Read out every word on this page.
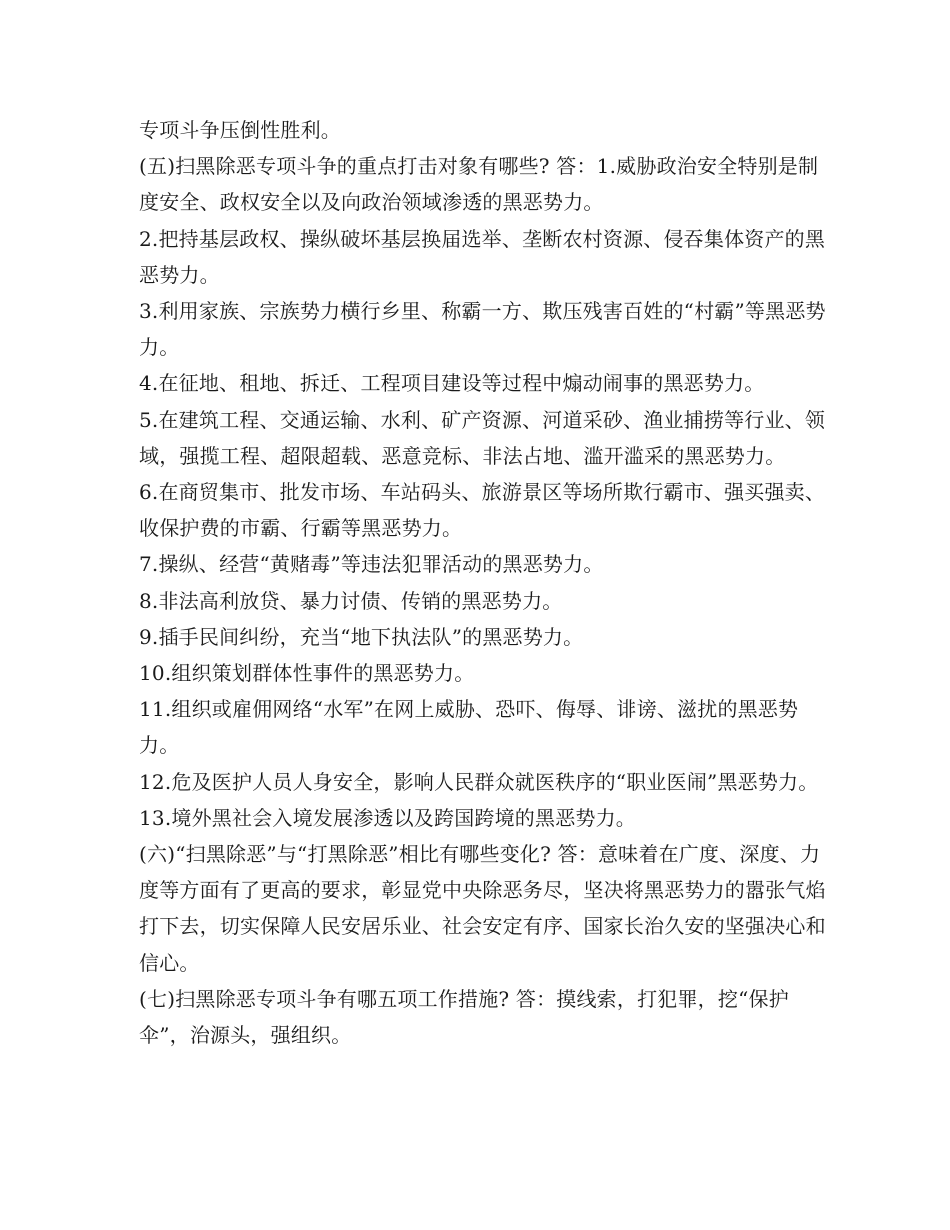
专项斗争压倒性胜利。

(五)扫黑除恶专项斗争的重点打击对象有哪些? 答：1.威胁政治安全特别是制度安全、政权安全以及向政治领域渗透的黑恶势力。

2.把持基层政权、操纵破坏基层换届选举、垄断农村资源、侵吞集体资产的黑恶势力。

3.利用家族、宗族势力横行乡里、称霸一方、欺压残害百姓的“村霸”等黑恶势力。

4.在征地、租地、拆迁、工程项目建设等过程中煽动闹事的黑恶势力。

5.在建筑工程、交通运输、水利、矿产资源、河道采砂、渔业捕捞等行业、领域，强揽工程、超限超载、恶意竞标、非法占地、滥开滥采的黑恶势力。

6.在商贸集市、批发市场、车站码头、旅游景区等场所欺行霸市、强买强卖、收保护费的市霸、行霸等黑恶势力。

7.操纵、经营“黄赌毒”等违法犯罪活动的黑恶势力。

8.非法高利放贷、暴力讨债、传销的黑恶势力。

9.插手民间纠纷，充当“地下执法队”的黑恶势力。

10.组织策划群体性事件的黑恶势力。

11.组织或雇佣网络“水军”在网上威胁、恐吓、侮辱、诽谤、滋扰的黑恶势力。

12.危及医护人员人身安全，影响人民群众就医秩序的“职业医闹”黑恶势力。

13.境外黑社会入境发展渗透以及跨国跨境的黑恶势力。

(六)“扫黑除恶”与“打黑除恶”相比有哪些变化? 答：意味着在广度、深度、力度等方面有了更高的要求，彰显党中央除恶务尽，坚决将黑恶势力的嚣张气焰打下去，切实保障人民安居乐业、社会安定有序、国家长治久安的坚强决心和信心。

(七)扫黑除恶专项斗争有哪五项工作措施? 答：摸线索，打犯罪，挖“保护伞”，治源头，强组织。
